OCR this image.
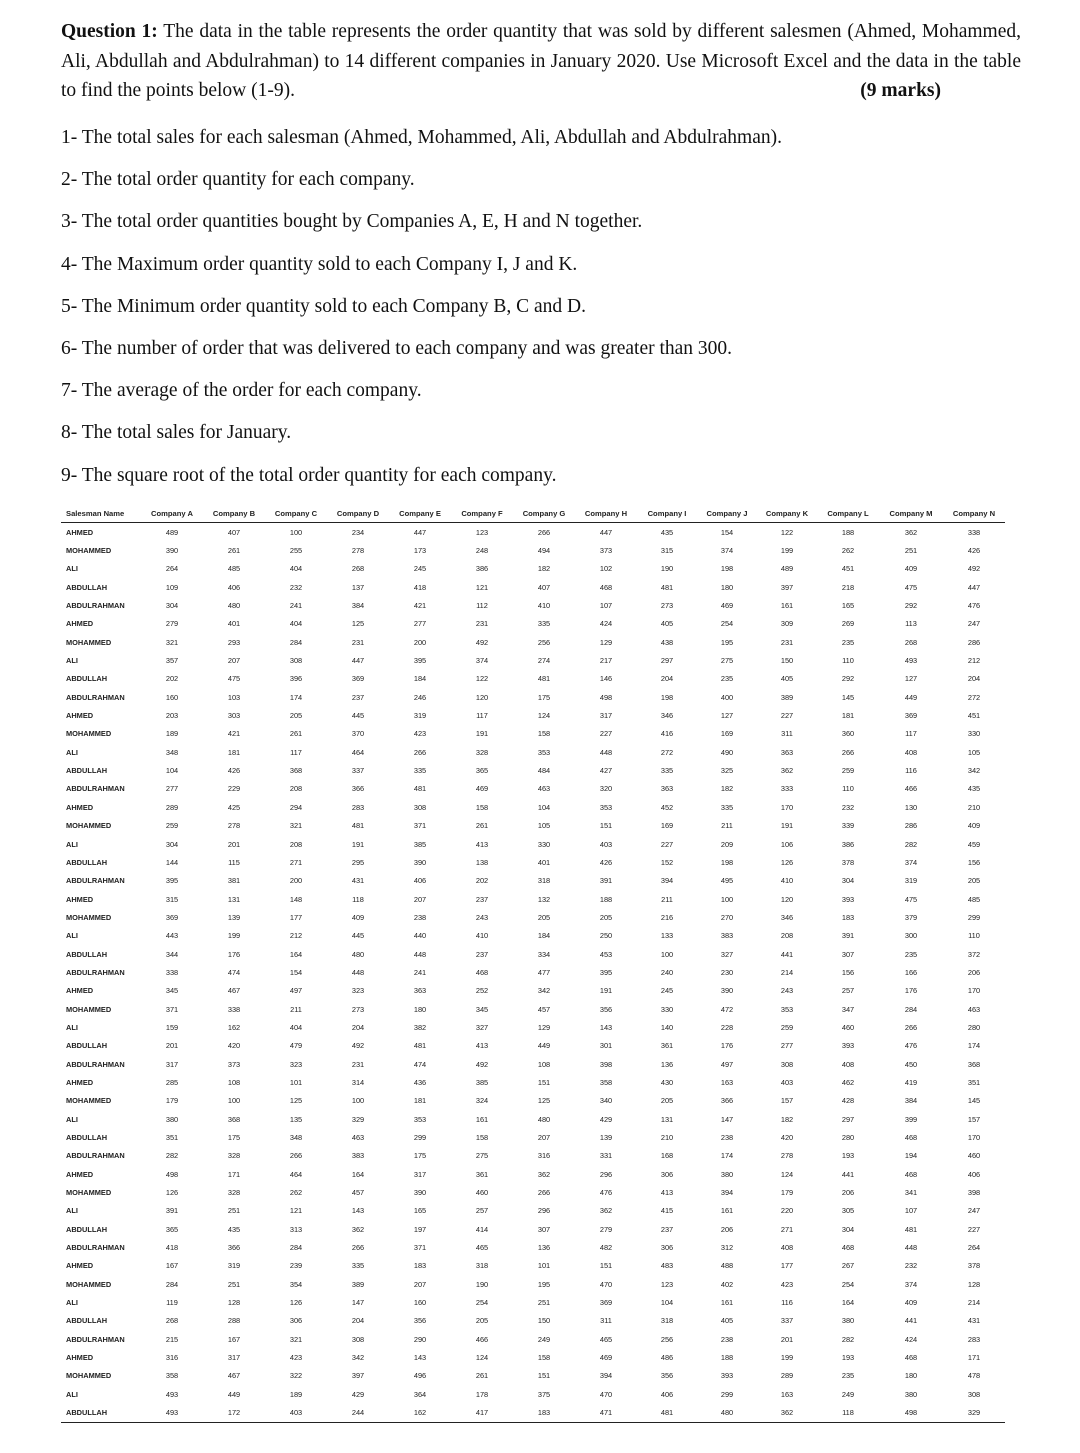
Question 1: The data in the table represents the order quantity that was sold by different salesmen (Ahmed, Mohammed, Ali, Abdullah and Abdulrahman) to 14 different companies in January 2020. Use Microsoft Excel and the data in the table to find the points below (1-9).	(9 marks)
1- The total sales for each salesman (Ahmed, Mohammed, Ali, Abdullah and Abdulrahman).
2- The total order quantity for each company.
3- The total order quantities bought by Companies A, E, H and N together.
4- The Maximum order quantity sold to each Company I, J and K.
5- The Minimum order quantity sold to each Company B, C and D.
6- The number of order that was delivered to each company and was greater than 300.
7- The average of the order for each company.
8- The total sales for January.
9- The square root of the total order quantity for each company.
Salesman Name	Company A	Company B	Company C	Company D	Company E	Company F	Company G	Company H	Company I	Company J	Company K	Company L	Company M	Company N
AHMED	489	407	100	234	447	123	266	447	435	154	122	188	362	338
MOHAMMED	390	261	255	278	173	248	494	373	315	374	199	262	251	426
ALI	264	485	404	268	245	386	182	102	190	198	489	451	409	492
ABDULLAH	109	406	232	137	418	121	407	468	481	180	397	218	475	447
ABDULRAHMAN	304	480	241	384	421	112	410	107	273	469	161	165	292	476
AHMED	279	401	404	125	277	231	335	424	405	254	309	269	113	247
MOHAMMED	321	293	284	231	200	492	256	129	438	195	231	235	268	286
ALI	357	207	308	447	395	374	274	217	297	275	150	110	493	212
ABDULLAH	202	475	396	369	184	122	481	146	204	235	405	292	127	204
ABDULRAHMAN	160	103	174	237	246	120	175	498	198	400	389	145	449	272
AHMED	203	303	205	445	319	117	124	317	346	127	227	181	369	451
MOHAMMED	189	421	261	370	423	191	158	227	416	169	311	360	117	330
ALI	348	181	117	464	266	328	353	448	272	490	363	266	408	105
ABDULLAH	104	426	368	337	335	365	484	427	335	325	362	259	116	342
ABDULRAHMAN	277	229	208	366	481	469	463	320	363	182	333	110	466	435
AHMED	289	425	294	283	308	158	104	353	452	335	170	232	130	210
MOHAMMED	259	278	321	481	371	261	105	151	169	211	191	339	286	409
ALI	304	201	208	191	385	413	330	403	227	209	106	386	282	459
ABDULLAH	144	115	271	295	390	138	401	426	152	198	126	378	374	156
ABDULRAHMAN	395	381	200	431	406	202	318	391	394	495	410	304	319	205
AHMED	315	131	148	118	207	237	132	188	211	100	120	393	475	485
MOHAMMED	369	139	177	409	238	243	205	205	216	270	346	183	379	299
ALI	443	199	212	445	440	410	184	250	133	383	208	391	300	110
ABDULLAH	344	176	164	480	448	237	334	453	100	327	441	307	235	372
ABDULRAHMAN	338	474	154	448	241	468	477	395	240	230	214	156	166	206
AHMED	345	467	497	323	363	252	342	191	245	390	243	257	176	170
MOHAMMED	371	338	211	273	180	345	457	356	330	472	353	347	284	463
ALI	159	162	404	204	382	327	129	143	140	228	259	460	266	280
ABDULLAH	201	420	479	492	481	413	449	301	361	176	277	393	476	174
ABDULRAHMAN	317	373	323	231	474	492	108	398	136	497	308	408	450	368
AHMED	285	108	101	314	436	385	151	358	430	163	403	462	419	351
MOHAMMED	179	100	125	100	181	324	125	340	205	366	157	428	384	145
ALI	380	368	135	329	353	161	480	429	131	147	182	297	399	157
ABDULLAH	351	175	348	463	299	158	207	139	210	238	420	280	468	170
ABDULRAHMAN	282	328	266	383	175	275	316	331	168	174	278	193	194	460
AHMED	498	171	464	164	317	361	362	296	306	380	124	441	468	406
MOHAMMED	126	328	262	457	390	460	266	476	413	394	179	206	341	398
ALI	391	251	121	143	165	257	296	362	415	161	220	305	107	247
ABDULLAH	365	435	313	362	197	414	307	279	237	206	271	304	481	227
ABDULRAHMAN	418	366	284	266	371	465	136	482	306	312	408	468	448	264
AHMED	167	319	239	335	183	318	101	151	483	488	177	267	232	378
MOHAMMED	284	251	354	389	207	190	195	470	123	402	423	254	374	128
ALI	119	128	126	147	160	254	251	369	104	161	116	164	409	214
ABDULLAH	268	288	306	204	356	205	150	311	318	405	337	380	441	431
ABDULRAHMAN	215	167	321	308	290	466	249	465	256	238	201	282	424	283
AHMED	316	317	423	342	143	124	158	469	486	188	199	193	468	171
MOHAMMED	358	467	322	397	496	261	151	394	356	393	289	235	180	478
ALI	493	449	189	429	364	178	375	470	406	299	163	249	380	308
ABDULLAH	493	172	403	244	162	417	183	471	481	480	362	118	498	329
